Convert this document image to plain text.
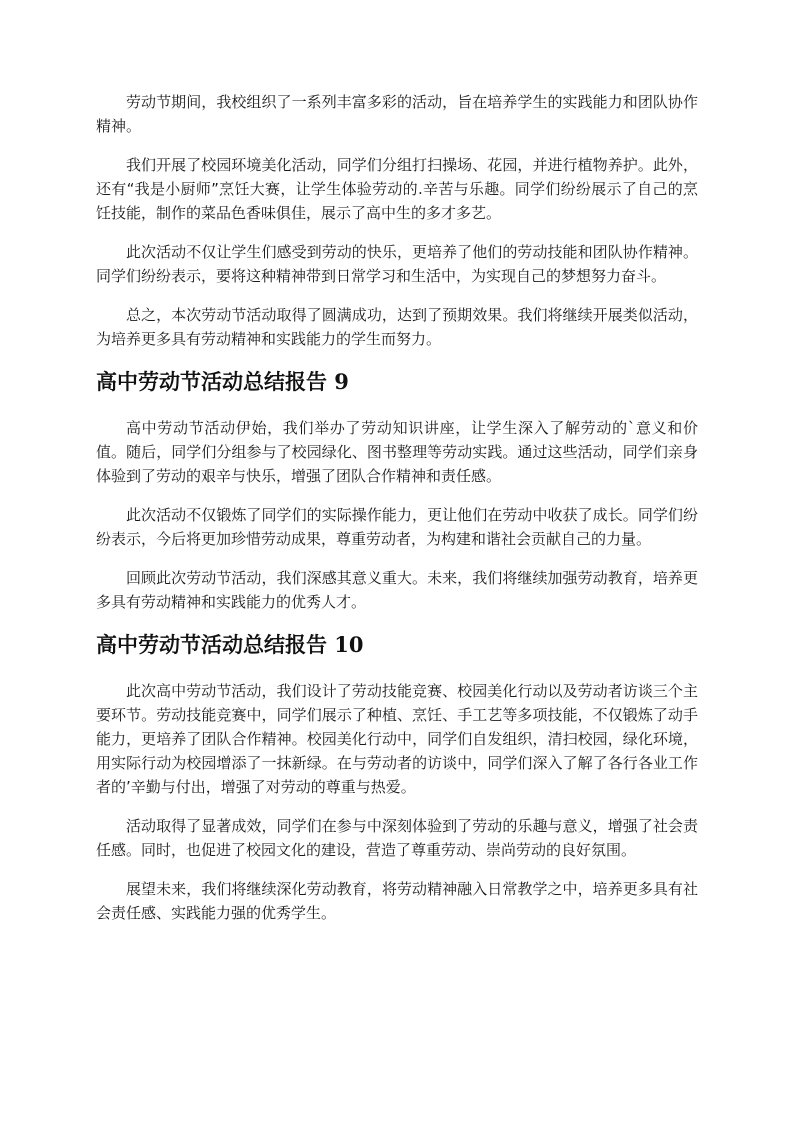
劳动节期间，我校组织了一系列丰富多彩的活动，旨在培养学生的实践能力和团队协作精神。

我们开展了校园环境美化活动，同学们分组打扫操场、花园，并进行植物养护。此外，还有“我是小厨师”烹饪大赛，让学生体验劳动的.辛苦与乐趣。同学们纷纷展示了自己的烹饪技能，制作的菜品色香味俱佳，展示了高中生的多才多艺。

此次活动不仅让学生们感受到劳动的快乐，更培养了他们的劳动技能和团队协作精神。同学们纷纷表示，要将这种精神带到日常学习和生活中，为实现自己的梦想努力奋斗。

总之，本次劳动节活动取得了圆满成功，达到了预期效果。我们将继续开展类似活动，为培养更多具有劳动精神和实践能力的学生而努力。

高中劳动节活动总结报告 9

高中劳动节活动伊始，我们举办了劳动知识讲座，让学生深入了解劳动的`意义和价值。随后，同学们分组参与了校园绿化、图书整理等劳动实践。通过这些活动，同学们亲身体验到了劳动的艰辛与快乐，增强了团队合作精神和责任感。

此次活动不仅锻炼了同学们的实际操作能力，更让他们在劳动中收获了成长。同学们纷纷表示，今后将更加珍惜劳动成果，尊重劳动者，为构建和谐社会贡献自己的力量。

回顾此次劳动节活动，我们深感其意义重大。未来，我们将继续加强劳动教育，培养更多具有劳动精神和实践能力的优秀人才。

高中劳动节活动总结报告 10

此次高中劳动节活动，我们设计了劳动技能竞赛、校园美化行动以及劳动者访谈三个主要环节。劳动技能竞赛中，同学们展示了种植、烹饪、手工艺等多项技能，不仅锻炼了动手能力，更培养了团队合作精神。校园美化行动中，同学们自发组织，清扫校园，绿化环境，用实际行动为校园增添了一抹新绿。在与劳动者的访谈中，同学们深入了解了各行各业工作者的’辛勤与付出，增强了对劳动的尊重与热爱。

活动取得了显著成效，同学们在参与中深刻体验到了劳动的乐趣与意义，增强了社会责任感。同时，也促进了校园文化的建设，营造了尊重劳动、崇尚劳动的良好氛围。

展望未来，我们将继续深化劳动教育，将劳动精神融入日常教学之中，培养更多具有社会责任感、实践能力强的优秀学生。
